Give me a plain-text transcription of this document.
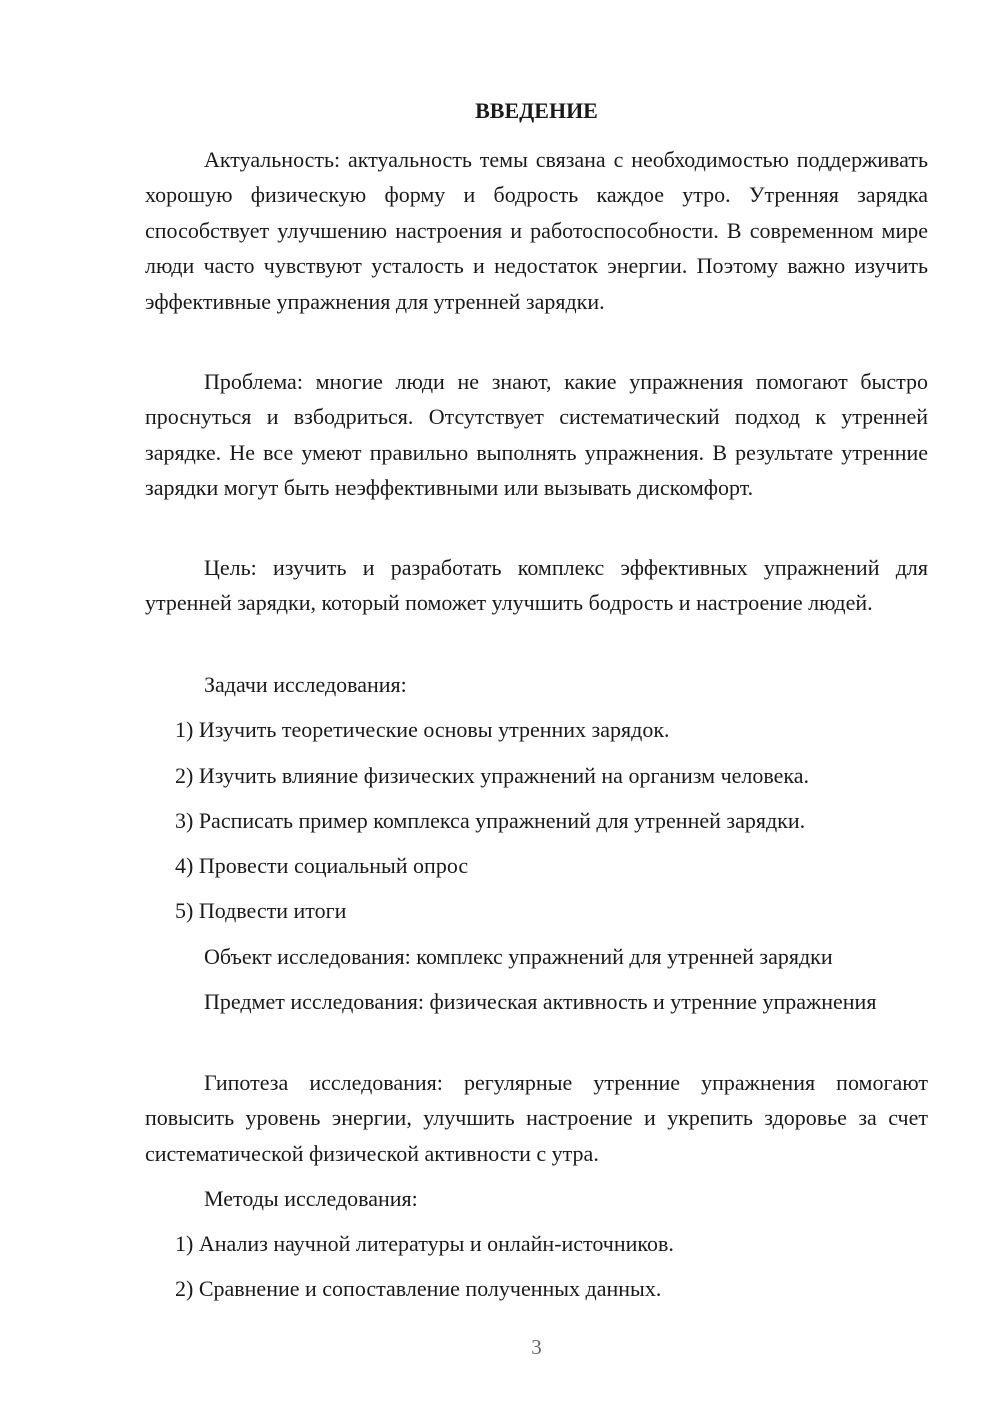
ВВЕДЕНИЕ

Актуальность: актуальность темы связана с необходимостью поддерживать хорошую физическую форму и бодрость каждое утро. Утренняя зарядка способствует улучшению настроения и работоспособности. В современном мире люди часто чувствуют усталость и недостаток энергии. Поэтому важно изучить эффективные упражнения для утренней зарядки.

Проблема: многие люди не знают, какие упражнения помогают быстро проснуться и взбодриться. Отсутствует систематический подход к утренней зарядке. Не все умеют правильно выполнять упражнения. В результате утренние зарядки могут быть неэффективными или вызывать дискомфорт.

Цель: изучить и разработать комплекс эффективных упражнений для утренней зарядки, который поможет улучшить бодрость и настроение людей.

Задачи исследования:

1) Изучить теоретические основы утренних зарядок.

2) Изучить влияние физических упражнений на организм человека.

3) Расписать пример комплекса упражнений для утренней зарядки.

4) Провести социальный опрос

5) Подвести итоги

Объект исследования: комплекс упражнений для утренней зарядки

Предмет исследования: физическая активность и утренние упражнения

Гипотеза исследования: регулярные утренние упражнения помогают повысить уровень энергии, улучшить настроение и укрепить здоровье за счет систематической физической активности с утра.

Методы исследования:

1) Анализ научной литературы и онлайн-источников.

2) Сравнение и сопоставление полученных данных.

3
